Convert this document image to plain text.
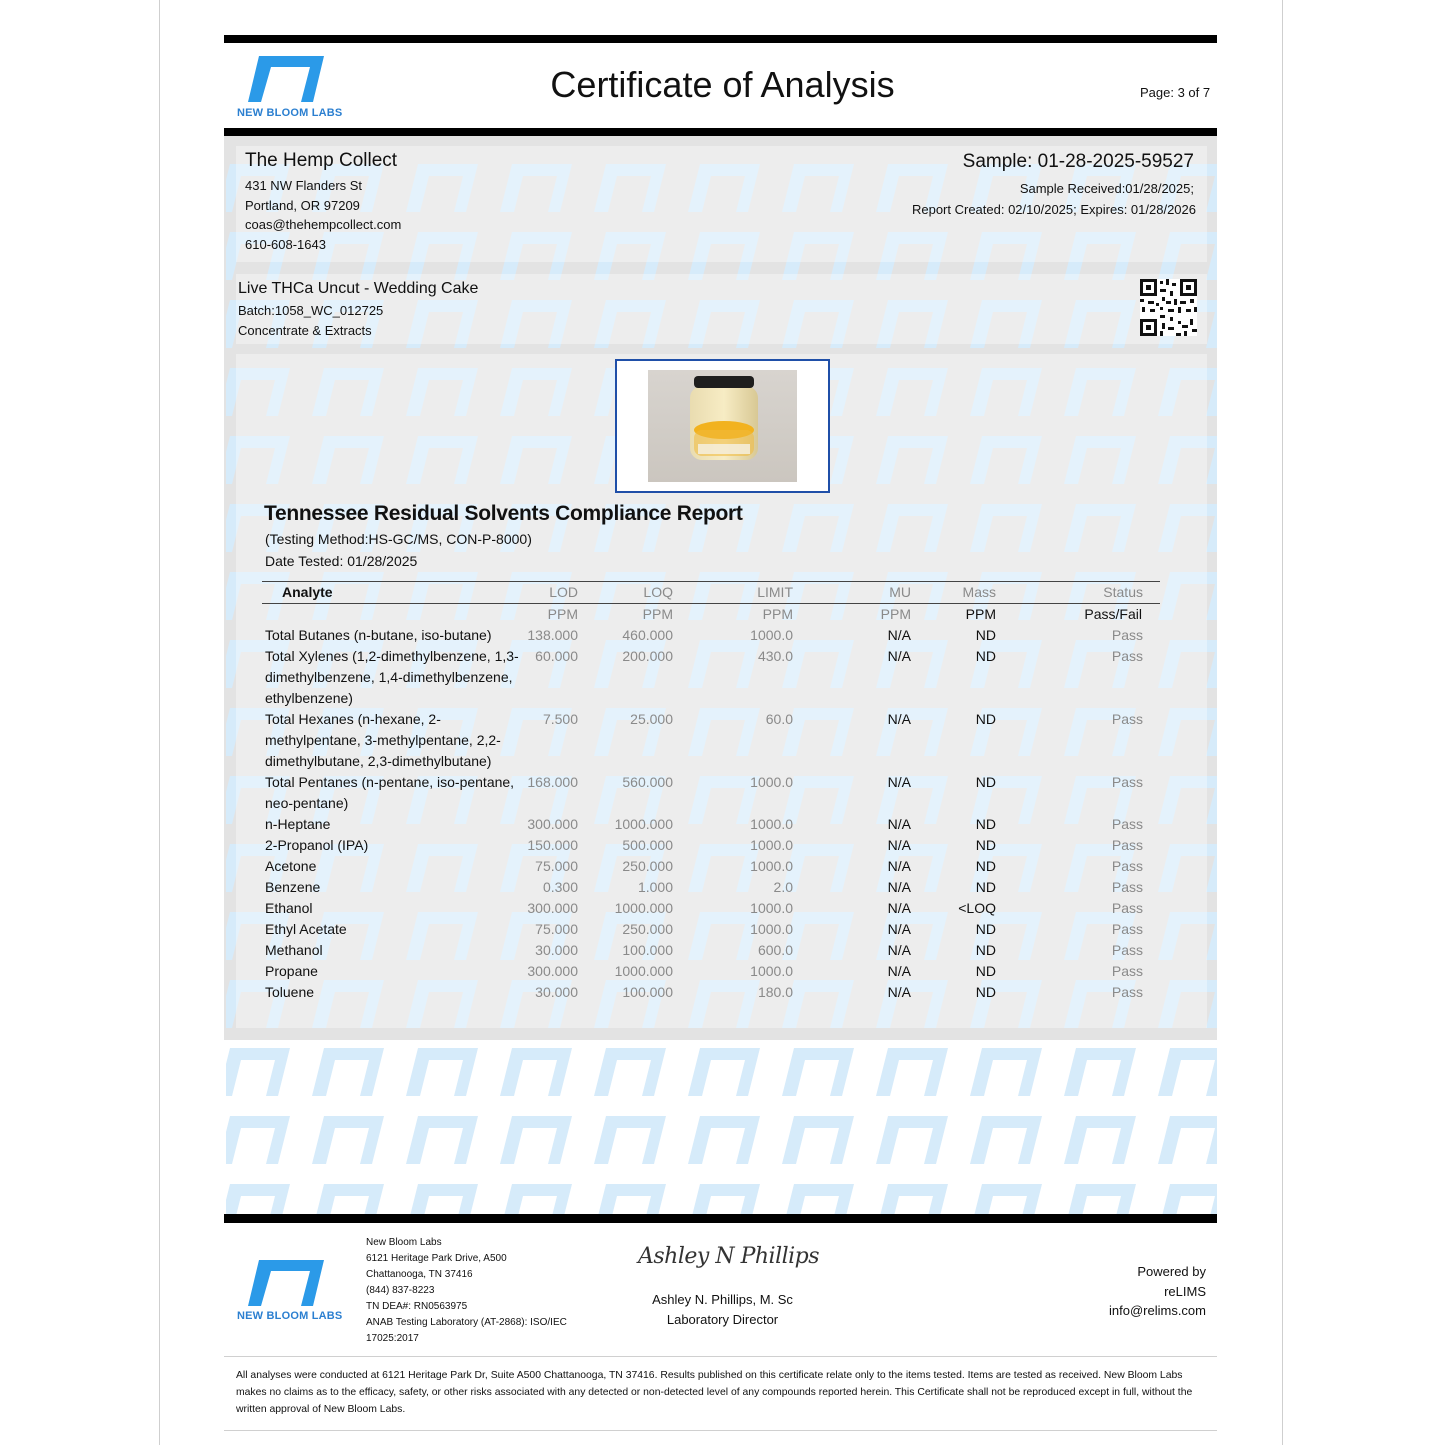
NEW BLOOM LABS
Certificate of Analysis	Page: 3 of 7
The Hemp Collect
431 NW Flanders St
Portland, OR 97209
coas@thehempcollect.com
610-608-1643
Sample: 01-28-2025-59527
Sample Received:01/28/2025;
Report Created: 02/10/2025; Expires: 01/28/2026
Live THCa Uncut - Wedding Cake
Batch:1058_WC_012725
Concentrate & Extracts
Tennessee Residual Solvents Compliance Report
(Testing Method:HS-GC/MS, CON-P-8000)
Date Tested: 01/28/2025
Analyte	LOD	LOQ	LIMIT	MU	Mass	Status
	PPM	PPM	PPM	PPM	PPM	Pass/Fail
Total Butanes (n-butane, iso-butane)	138.000	460.000	1000.0	N/A	ND	Pass
Total Xylenes (1,2-dimethylbenzene, 1,3-dimethylbenzene, 1,4-dimethylbenzene, ethylbenzene)	60.000	200.000	430.0	N/A	ND	Pass
Total Hexanes (n-hexane, 2-methylpentane, 3-methylpentane, 2,2-dimethylbutane, 2,3-dimethylbutane)	7.500	25.000	60.0	N/A	ND	Pass
Total Pentanes (n-pentane, iso-pentane, neo-pentane)	168.000	560.000	1000.0	N/A	ND	Pass
n-Heptane	300.000	1000.000	1000.0	N/A	ND	Pass
2-Propanol (IPA)	150.000	500.000	1000.0	N/A	ND	Pass
Acetone	75.000	250.000	1000.0	N/A	ND	Pass
Benzene	0.300	1.000	2.0	N/A	ND	Pass
Ethanol	300.000	1000.000	1000.0	N/A	<LOQ	Pass
Ethyl Acetate	75.000	250.000	1000.0	N/A	ND	Pass
Methanol	30.000	100.000	600.0	N/A	ND	Pass
Propane	300.000	1000.000	1000.0	N/A	ND	Pass
Toluene	30.000	100.000	180.0	N/A	ND	Pass
NEW BLOOM LABS
New Bloom Labs
6121 Heritage Park Drive, A500
Chattanooga, TN 37416
(844) 837-8223
TN DEA#: RN0563975
ANAB Testing Laboratory (AT-2868): ISO/IEC 17025:2017
Ashley N Phillips
Ashley N. Phillips, M. Sc
Laboratory Director
Powered by
reLIMS
info@relims.com
All analyses were conducted at 6121 Heritage Park Dr, Suite A500 Chattanooga, TN 37416. Results published on this certificate relate only to the items tested. Items are tested as received. New Bloom Labs makes no claims as to the efficacy, safety, or other risks associated with any detected or non-detected level of any compounds reported herein. This Certificate shall not be reproduced except in full, without the written approval of New Bloom Labs.
